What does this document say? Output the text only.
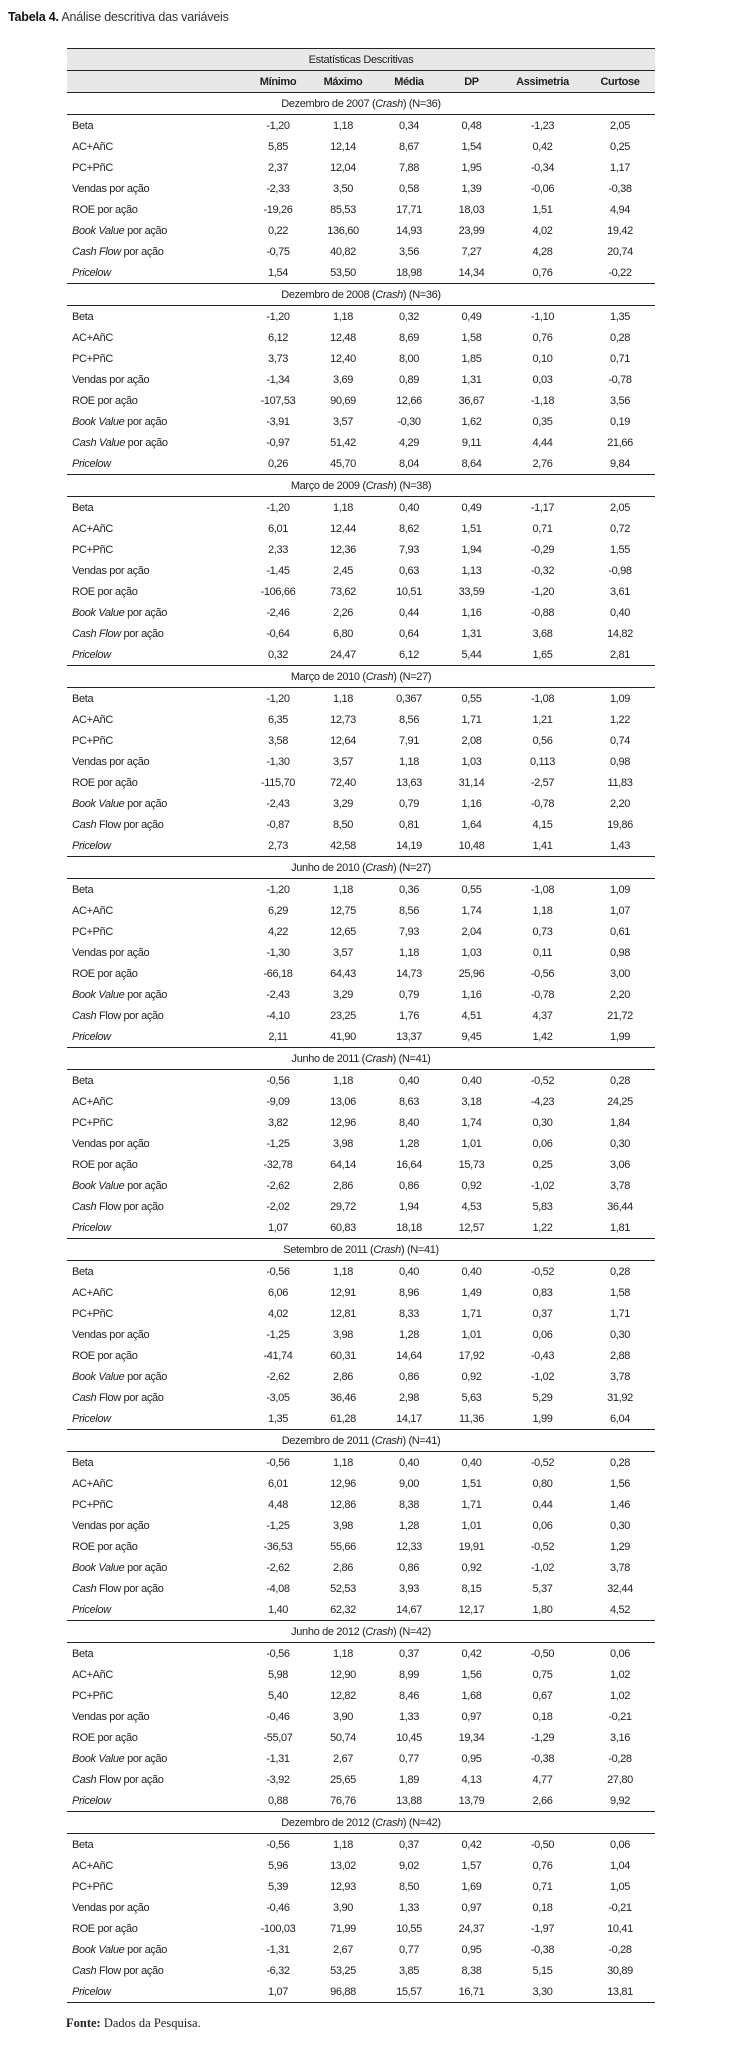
Tabela 4. Análise descritiva das variáveis
Estatísticas Descritivas						
	Mínimo	Máximo	Média	DP	Assimetria	Curtose
Dezembro de 2007 (Crash) (N=36)						
Beta	-1,20	1,18	0,34	0,48	-1,23	2,05
AC+AñC	5,85	12,14	8,67	1,54	0,42	0,25
PC+PñC	2,37	12,04	7,88	1,95	-0,34	1,17
Vendas por ação	-2,33	3,50	0,58	1,39	-0,06	-0,38
ROE por ação	-19,26	85,53	17,71	18,03	1,51	4,94
Book Value por ação	0,22	136,60	14,93	23,99	4,02	19,42
Cash Flow por ação	-0,75	40,82	3,56	7,27	4,28	20,74
Pricelow	1,54	53,50	18,98	14,34	0,76	-0,22
Dezembro de 2008 (Crash) (N=36)						
Beta	-1,20	1,18	0,32	0,49	-1,10	1,35
AC+AñC	6,12	12,48	8,69	1,58	0,76	0,28
PC+PñC	3,73	12,40	8,00	1,85	0,10	0,71
Vendas por ação	-1,34	3,69	0,89	1,31	0,03	-0,78
ROE por ação	-107,53	90,69	12,66	36,67	-1,18	3,56
Book Value por ação	-3,91	3,57	-0,30	1,62	0,35	0,19
Cash Value por ação	-0,97	51,42	4,29	9,11	4,44	21,66
Pricelow	0,26	45,70	8,04	8,64	2,76	9,84
Março de 2009 (Crash) (N=38)						
Beta	-1,20	1,18	0,40	0,49	-1,17	2,05
AC+AñC	6,01	12,44	8,62	1,51	0,71	0,72
PC+PñC	2,33	12,36	7,93	1,94	-0,29	1,55
Vendas por ação	-1,45	2,45	0,63	1,13	-0,32	-0,98
ROE por ação	-106,66	73,62	10,51	33,59	-1,20	3,61
Book Value por ação	-2,46	2,26	0,44	1,16	-0,88	0,40
Cash Flow por ação	-0,64	6,80	0,64	1,31	3,68	14,82
Pricelow	0,32	24,47	6,12	5,44	1,65	2,81
Março de 2010 (Crash) (N=27)						
Beta	-1,20	1,18	0,367	0,55	-1,08	1,09
AC+AñC	6,35	12,73	8,56	1,71	1,21	1,22
PC+PñC	3,58	12,64	7,91	2,08	0,56	0,74
Vendas por ação	-1,30	3,57	1,18	1,03	0,113	0,98
ROE por ação	-115,70	72,40	13,63	31,14	-2,57	11,83
Book Value por ação	-2,43	3,29	0,79	1,16	-0,78	2,20
Cash Flow por ação	-0,87	8,50	0,81	1,64	4,15	19,86
Pricelow	2,73	42,58	14,19	10,48	1,41	1,43
Junho de 2010 (Crash) (N=27)						
Beta	-1,20	1,18	0,36	0,55	-1,08	1,09
AC+AñC	6,29	12,75	8,56	1,74	1,18	1,07
PC+PñC	4,22	12,65	7,93	2,04	0,73	0,61
Vendas por ação	-1,30	3,57	1,18	1,03	0,11	0,98
ROE por ação	-66,18	64,43	14,73	25,96	-0,56	3,00
Book Value por ação	-2,43	3,29	0,79	1,16	-0,78	2,20
Cash Flow por ação	-4,10	23,25	1,76	4,51	4,37	21,72
Pricelow	2,11	41,90	13,37	9,45	1,42	1,99
Junho de 2011 (Crash) (N=41)						
Beta	-0,56	1,18	0,40	0,40	-0,52	0,28
AC+AñC	-9,09	13,06	8,63	3,18	-4,23	24,25
PC+PñC	3,82	12,96	8,40	1,74	0,30	1,84
Vendas por ação	-1,25	3,98	1,28	1,01	0,06	0,30
ROE por ação	-32,78	64,14	16,64	15,73	0,25	3,06
Book Value por ação	-2,62	2,86	0,86	0,92	-1,02	3,78
Cash Flow por ação	-2,02	29,72	1,94	4,53	5,83	36,44
Pricelow	1,07	60,83	18,18	12,57	1,22	1,81
Setembro de 2011 (Crash) (N=41)						
Beta	-0,56	1,18	0,40	0,40	-0,52	0,28
AC+AñC	6,06	12,91	8,96	1,49	0,83	1,58
PC+PñC	4,02	12,81	8,33	1,71	0,37	1,71
Vendas por ação	-1,25	3,98	1,28	1,01	0,06	0,30
ROE por ação	-41,74	60,31	14,64	17,92	-0,43	2,88
Book Value por ação	-2,62	2,86	0,86	0,92	-1,02	3,78
Cash Flow por ação	-3,05	36,46	2,98	5,63	5,29	31,92
Pricelow	1,35	61,28	14,17	11,36	1,99	6,04
Dezembro de 2011 (Crash) (N=41)						
Beta	-0,56	1,18	0,40	0,40	-0,52	0,28
AC+AñC	6,01	12,96	9,00	1,51	0,80	1,56
PC+PñC	4,48	12,86	8,38	1,71	0,44	1,46
Vendas por ação	-1,25	3,98	1,28	1,01	0,06	0,30
ROE por ação	-36,53	55,66	12,33	19,91	-0,52	1,29
Book Value por ação	-2,62	2,86	0,86	0,92	-1,02	3,78
Cash Flow por ação	-4,08	52,53	3,93	8,15	5,37	32,44
Pricelow	1,40	62,32	14,67	12,17	1,80	4,52
Junho de 2012 (Crash) (N=42)						
Beta	-0,56	1,18	0,37	0,42	-0,50	0,06
AC+AñC	5,98	12,90	8,99	1,56	0,75	1,02
PC+PñC	5,40	12,82	8,46	1,68	0,67	1,02
Vendas por ação	-0,46	3,90	1,33	0,97	0,18	-0,21
ROE por ação	-55,07	50,74	10,45	19,34	-1,29	3,16
Book Value por ação	-1,31	2,67	0,77	0,95	-0,38	-0,28
Cash Flow por ação	-3,92	25,65	1,89	4,13	4,77	27,80
Pricelow	0,88	76,76	13,88	13,79	2,66	9,92
Dezembro de 2012 (Crash) (N=42)						
Beta	-0,56	1,18	0,37	0,42	-0,50	0,06
AC+AñC	5,96	13,02	9,02	1,57	0,76	1,04
PC+PñC	5,39	12,93	8,50	1,69	0,71	1,05
Vendas por ação	-0,46	3,90	1,33	0,97	0,18	-0,21
ROE por ação	-100,03	71,99	10,55	24,37	-1,97	10,41
Book Value por ação	-1,31	2,67	0,77	0,95	-0,38	-0,28
Cash Flow por ação	-6,32	53,25	3,85	8,38	5,15	30,89
Pricelow	1,07	96,88	15,57	16,71	3,30	13,81
Fonte: Dados da Pesquisa.
